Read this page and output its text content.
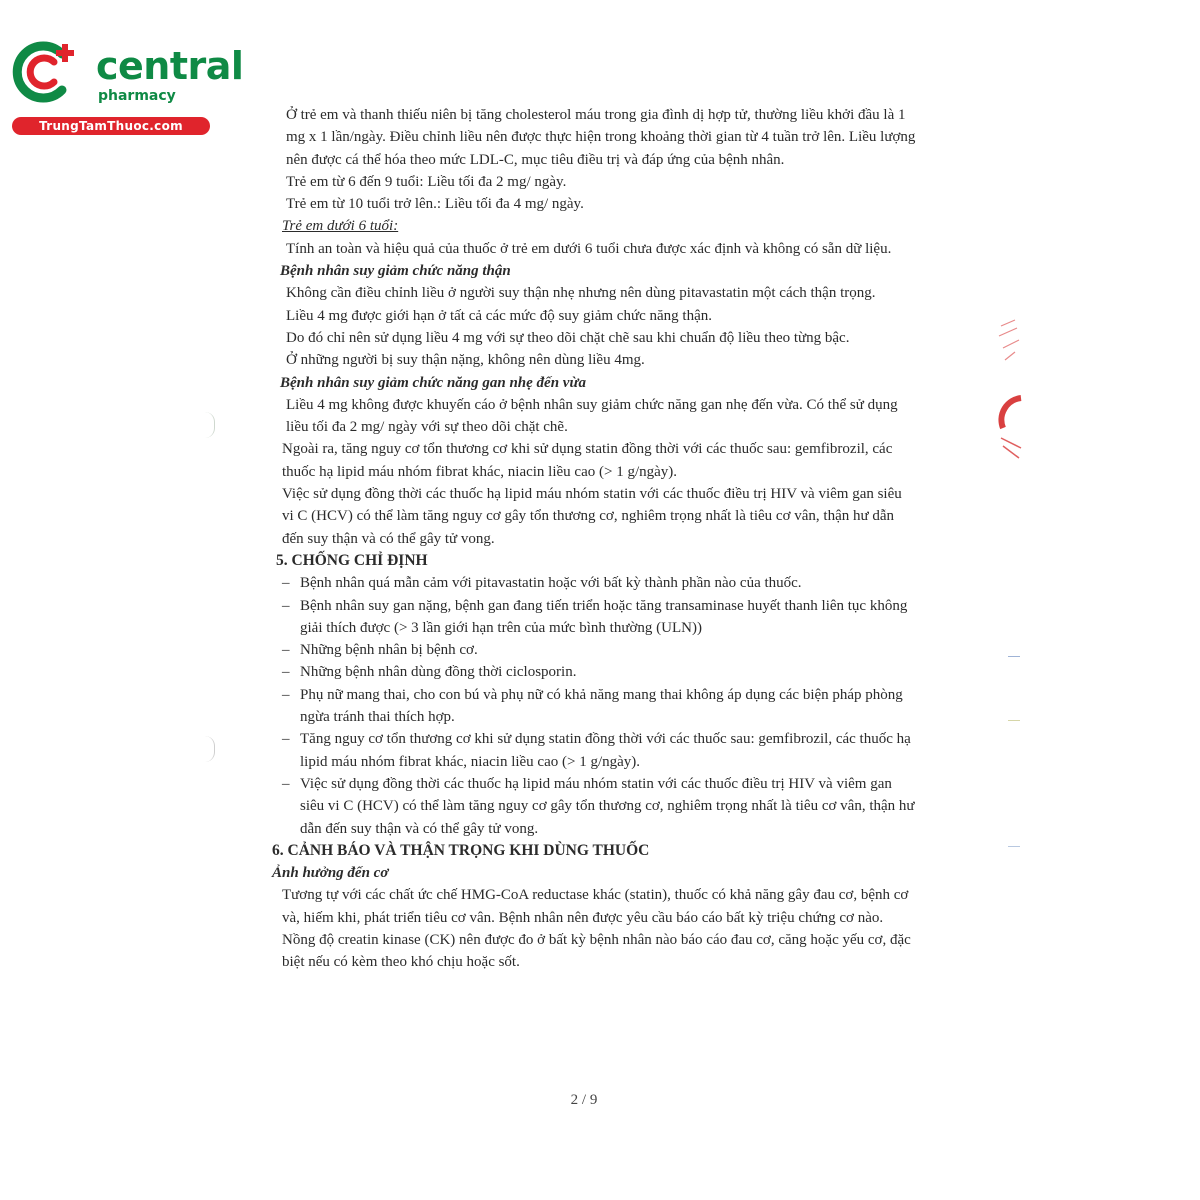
central
pharmacy
TrungTamThuoc.com

Ở trẻ em và thanh thiếu niên bị tăng cholesterol máu trong gia đình dị hợp tử, thường liều khởi đầu là 1 mg x 1 lần/ngày. Điều chỉnh liều nên được thực hiện trong khoảng thời gian từ 4 tuần trở lên. Liều lượng nên được cá thể hóa theo mức LDL-C, mục tiêu điều trị và đáp ứng của bệnh nhân.

Trẻ em từ 6 đến 9 tuổi: Liều tối đa 2 mg/ ngày.

Trẻ em từ 10 tuổi trở lên.: Liều tối đa 4 mg/ ngày.

Trẻ em dưới 6 tuổi:

Tính an toàn và hiệu quả của thuốc ở trẻ em dưới 6 tuổi chưa được xác định và không có sẵn dữ liệu.

Bệnh nhân suy giảm chức năng thận

Không cần điều chỉnh liều ở người suy thận nhẹ nhưng nên dùng pitavastatin một cách thận trọng.

Liều 4 mg được giới hạn ở tất cả các mức độ suy giảm chức năng thận.

Do đó chỉ nên sử dụng liều 4 mg với sự theo dõi chặt chẽ sau khi chuẩn độ liều theo từng bậc.

Ở những người bị suy thận nặng, không nên dùng liều 4mg.

Bệnh nhân suy giảm chức năng gan nhẹ đến vừa

Liều 4 mg không được khuyến cáo ở bệnh nhân suy giảm chức năng gan nhẹ đến vừa. Có thể sử dụng liều tối đa 2 mg/ ngày với sự theo dõi chặt chẽ.

Ngoài ra, tăng nguy cơ tổn thương cơ khi sử dụng statin đồng thời với các thuốc sau: gemfibrozil, các thuốc hạ lipid máu nhóm fibrat khác, niacin liều cao (> 1 g/ngày).

Việc sử dụng đồng thời các thuốc hạ lipid máu nhóm statin với các thuốc điều trị HIV và viêm gan siêu vi C (HCV) có thể làm tăng nguy cơ gây tổn thương cơ, nghiêm trọng nhất là tiêu cơ vân, thận hư dẫn đến suy thận và có thể gây tử vong.

5. CHỐNG CHỈ ĐỊNH

– Bệnh nhân quá mẫn cảm với pitavastatin hoặc với bất kỳ thành phần nào của thuốc.
– Bệnh nhân suy gan nặng, bệnh gan đang tiến triển hoặc tăng transaminase huyết thanh liên tục không giải thích được (> 3 lần giới hạn trên của mức bình thường (ULN))
– Những bệnh nhân bị bệnh cơ.
– Những bệnh nhân dùng đồng thời ciclosporin.
– Phụ nữ mang thai, cho con bú và phụ nữ có khả năng mang thai không áp dụng các biện pháp phòng ngừa tránh thai thích hợp.
– Tăng nguy cơ tổn thương cơ khi sử dụng statin đồng thời với các thuốc sau: gemfibrozil, các thuốc hạ lipid máu nhóm fibrat khác, niacin liều cao (> 1 g/ngày).
– Việc sử dụng đồng thời các thuốc hạ lipid máu nhóm statin với các thuốc điều trị HIV và viêm gan siêu vi C (HCV) có thể làm tăng nguy cơ gây tổn thương cơ, nghiêm trọng nhất là tiêu cơ vân, thận hư dẫn đến suy thận và có thể gây tử vong.

6. CẢNH BÁO VÀ THẬN TRỌNG KHI DÙNG THUỐC

Ảnh hưởng đến cơ

Tương tự với các chất ức chế HMG-CoA reductase khác (statin), thuốc có khả năng gây đau cơ, bệnh cơ và, hiếm khi, phát triển tiêu cơ vân. Bệnh nhân nên được yêu cầu báo cáo bất kỳ triệu chứng cơ nào. Nồng độ creatin kinase (CK) nên được đo ở bất kỳ bệnh nhân nào báo cáo đau cơ, căng hoặc yếu cơ, đặc biệt nếu có kèm theo khó chịu hoặc sốt.

2 / 9
